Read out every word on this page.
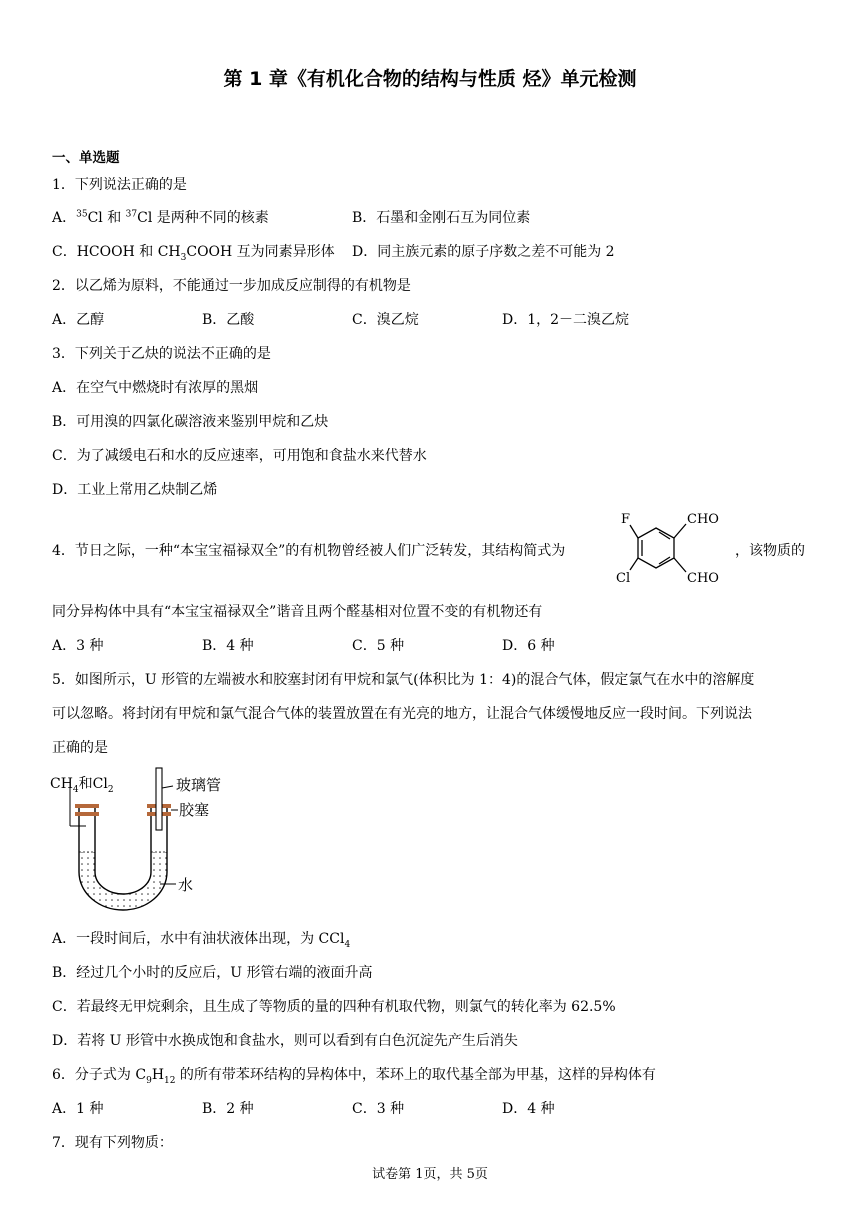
第 1 章《有机化合物的结构与性质 烃》单元检测
一、单选题
1．下列说法正确的是
A．$^{35}$Cl 和 $^{37}$Cl 是两种不同的核素	B．石墨和金刚石互为同位素
C．HCOOH 和 $CH_3COOH$ 互为同素异形体 D．同主族元素的原子序数之差不可能为 2
2．以乙烯为原料，不能通过一步加成反应制得的有机物是
A．乙醇	B．乙酸	C．溴乙烷	D．1，2－二溴乙烷
3．下列关于乙炔的说法不正确的是
A．在空气中燃烧时有浓厚的黑烟
B．可用溴的四氯化碳溶液来鉴别甲烷和乙炔
C．为了减缓电石和水的反应速率，可用饱和食盐水来代替水
D．工业上常用乙炔制乙烯
4．节日之际，一种“本宝宝福禄双全”的有机物曾经被人们广泛转发，其结构简式为
F
Cl
CHO
CHO
，该物质的
同分异构体中具有“本宝宝福禄双全”谐音且两个醛基相对位置不变的有机物还有
A．3 种	B．4 种	C．5 种	D．6 种
5．如图所示，U 形管的左端被水和胶塞封闭有甲烷和氯气(体积比为 1：4)的混合气体，假定氯气在水中的溶解度
可以忽略。将封闭有甲烷和氯气混合气体的装置放置在有光亮的地方，让混合气体缓慢地反应一段时间。下列说法
正确的是
$CH_4$和$Cl_2$	玻璃管
胶塞
水
A．一段时间后，水中有油状液体出现，为 CCl$_4$
B．经过几个小时的反应后，U 形管右端的液面升高
C．若最终无甲烷剩余，且生成了等物质的量的四种有机取代物，则氯气的转化率为 62.5%
D．若将 U 形管中水换成饱和食盐水，则可以看到有白色沉淀先产生后消失
6．分子式为 $C_9H_{12}$ 的所有带苯环结构的异构体中，苯环上的取代基全部为甲基，这样的异构体有
A．1 种	B．2 种	C．3 种	D．4 种
7．现有下列物质：
试卷第 1页，共 5页
